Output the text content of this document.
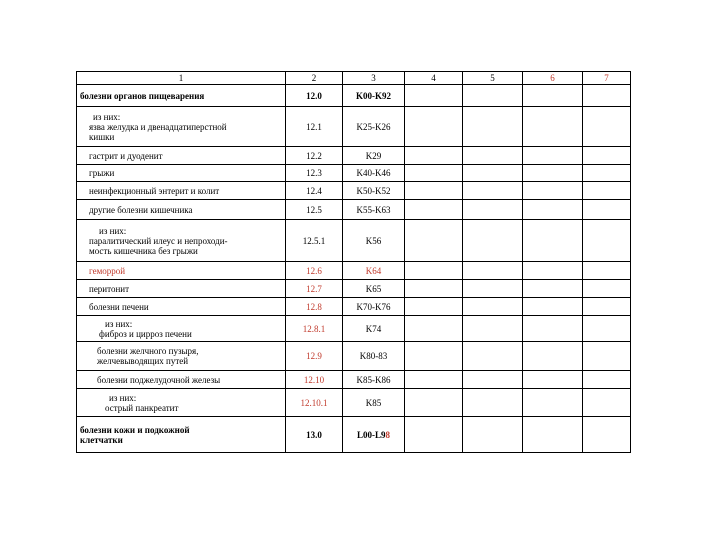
1	2	3	4	5	6	7

болезни органов пищеварения	12.0	K00-K92				

из них:
язва желудка и двенадцатиперстной
кишки	12.1	K25-K26				

гастрит и дуоденит	12.2	K29				

грыжи	12.3	K40-K46				

неинфекционный энтерит и колит	12.4	K50-K52				

другие болезни кишечника	12.5	K55-K63				

из них:
паралитический илеус и непроходи-
мость кишечника без грыжи	12.5.1	K56				

геморрой	12.6	K64				

перитонит	12.7	K65				

болезни печени	12.8	K70-K76				

из них:
фиброз и цирроз печени	12.8.1	K74				

болезни желчного пузыря,
желчевыводящих путей	12.9	K80-83				

болезни поджелудочной железы	12.10	K85-K86				

из них:
острый панкреатит	12.10.1	K85				

болезни кожи и подкожной
клетчатки	13.0	L00-L98				
